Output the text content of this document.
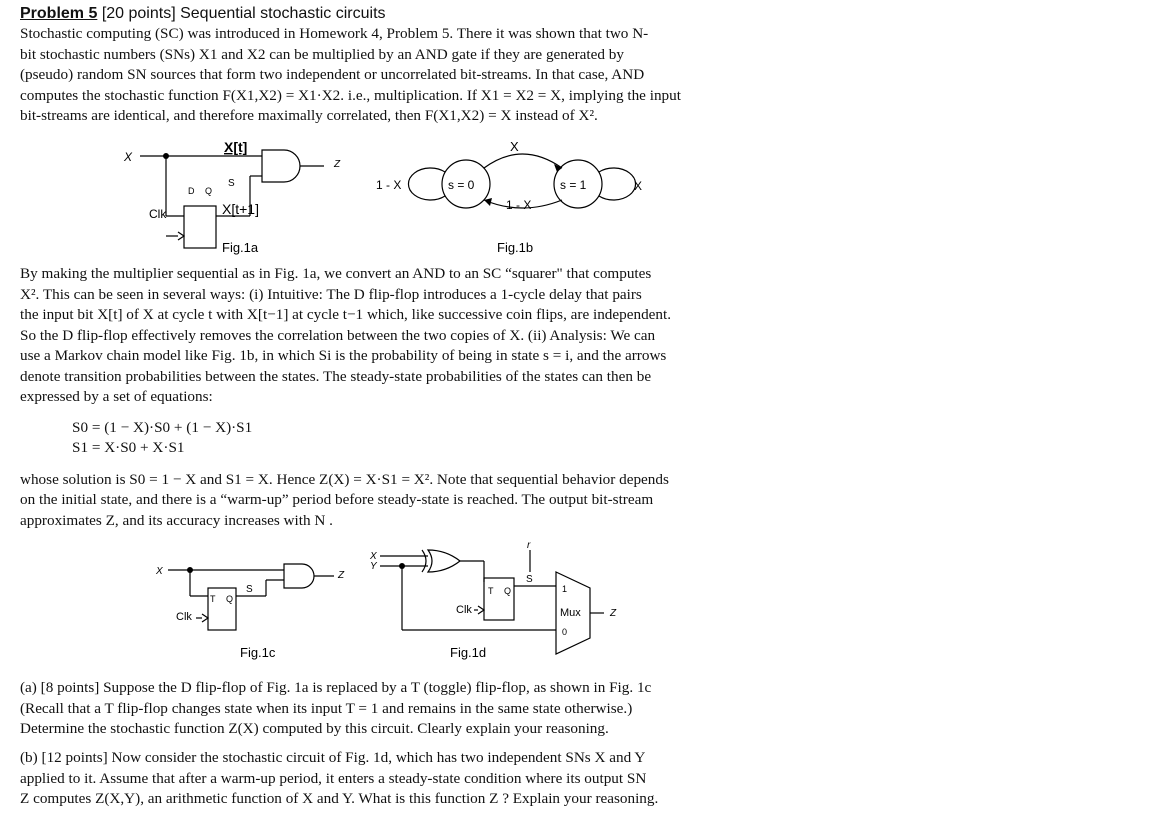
Problem 5 [20 points] Sequential stochastic circuits

Stochastic computing (SC) was introduced in Homework 4, Problem 5. There it was shown that two N-

bit stochastic numbers (SNs) X1 and X2 can be multiplied by an AND gate if they are generated by

(pseudo) random SN sources that form two independent or uncorrelated bit-streams. In that case, AND

computes the stochastic function F(X1,X2) = X1·X2. i.e., multiplication. If X1 = X2 = X, implying the input

bit-streams are identical, and therefore maximally correlated, then F(X1,X2) = X instead of X².

X
X[t]
S
D Q
X[t+1]
Clk
Z
Fig.1a
X
s = 0	s = 1
1 - X	X
1 - X
Fig.1b

By making the multiplier sequential as in Fig. 1a, we convert an AND to an SC “squarer" that computes

X². This can be seen in several ways: (i) Intuitive: The D flip-flop introduces a 1-cycle delay that pairs

the input bit X[t] of X at cycle t with X[t−1] at cycle t−1 which, like successive coin flips, are independent.

So the D flip-flop effectively removes the correlation between the two copies of X. (ii) Analysis: We can

use a Markov chain model like Fig. 1b, in which Si is the probability of being in state s = i, and the arrows

denote transition probabilities between the states. The steady-state probabilities of the states can then be

expressed by a set of equations:

S0 = (1 − X)·S0 + (1 − X)·S1

S1 = X·S0 + X·S1

whose solution is S0 = 1 − X and S1 = X. Hence Z(X) = X·S1 = X². Note that sequential behavior depends

on the initial state, and there is a “warm-up” period before steady-state is reached. The output bit-stream

approximates Z, and its accuracy increases with N .

X
T Q
S
Clk
Z
Fig.1c
X
Y
r
T Q
S
Clk
1
Mux
0
Z
Fig.1d

(a) [8 points] Suppose the D flip-flop of Fig. 1a is replaced by a T (toggle) flip-flop, as shown in Fig. 1c

(Recall that a T flip-flop changes state when its input T = 1 and remains in the same state otherwise.)

Determine the stochastic function Z(X) computed by this circuit. Clearly explain your reasoning.

(b) [12 points] Now consider the stochastic circuit of Fig. 1d, which has two independent SNs X and Y

applied to it. Assume that after a warm-up period, it enters a steady-state condition where its output SN

Z computes Z(X,Y), an arithmetic function of X and Y. What is this function Z ? Explain your reasoning.
